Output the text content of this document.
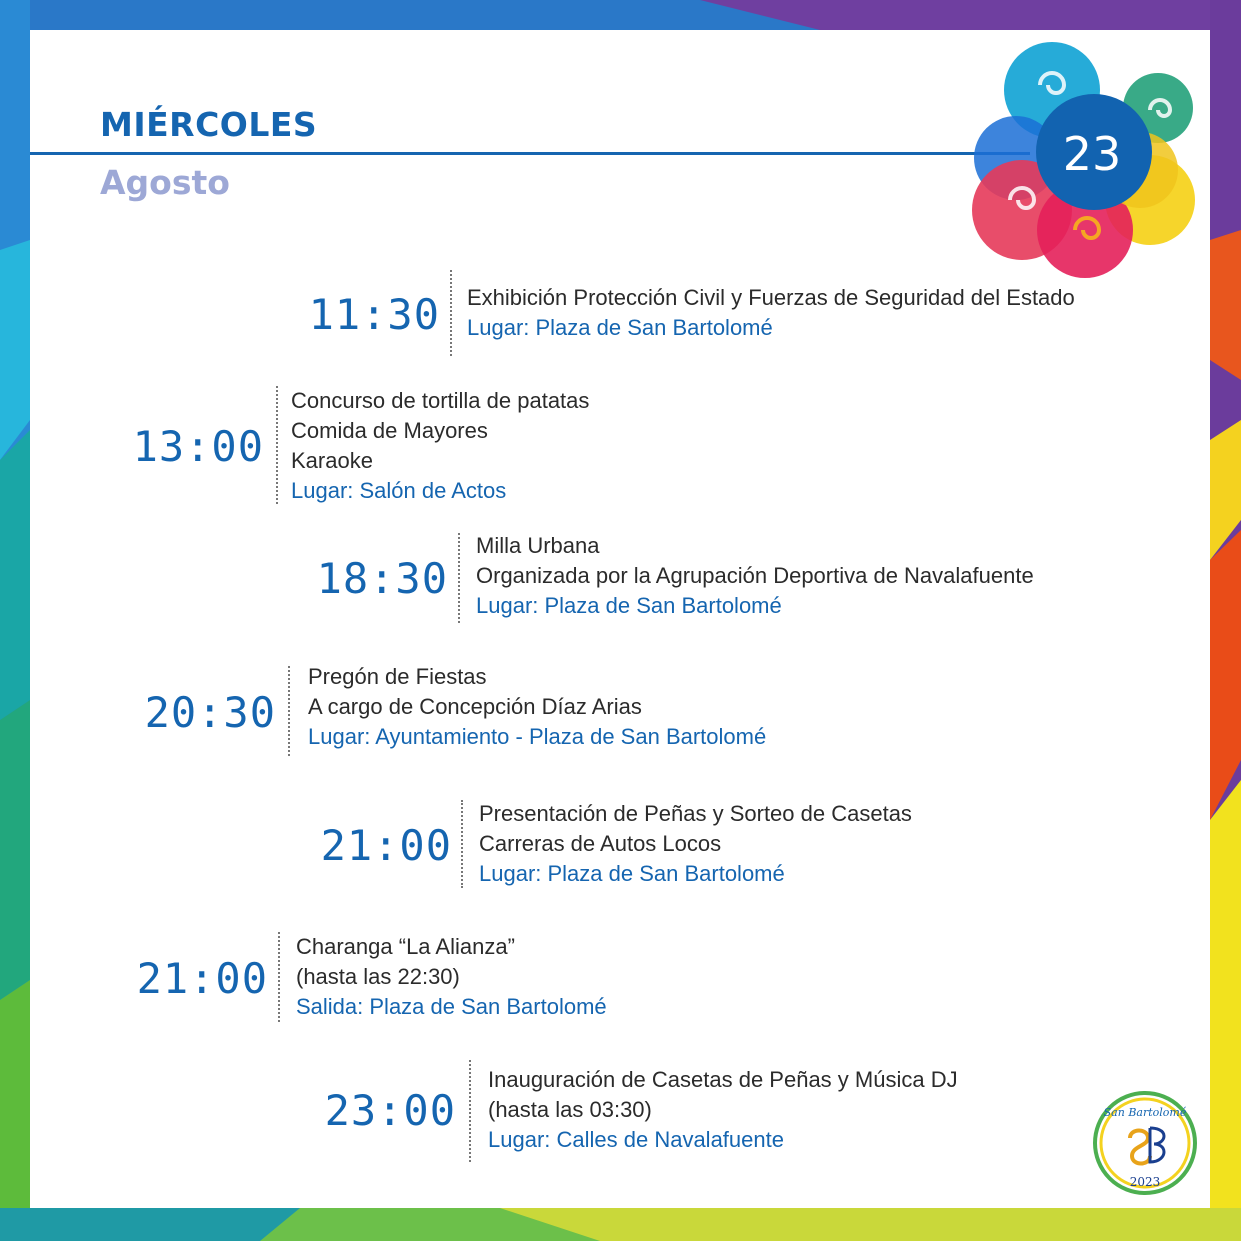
MIÉRCOLES
Agosto
23
11:30 Exhibición Protección Civil y Fuerzas de Seguridad del Estado
Lugar: Plaza de San Bartolomé
13:00
Concurso de tortilla de patatas
Comida de Mayores
Karaoke
Lugar: Salón de Actos
18:30
Milla Urbana
Organizada por la Agrupación Deportiva de Navalafuente
Lugar: Plaza de San Bartolomé
20:30
Pregón de Fiestas
A cargo de Concepción Díaz Arias
Lugar: Ayuntamiento - Plaza de San Bartolomé
21:00
Presentación de Peñas y Sorteo de Casetas
Carreras de Autos Locos
Lugar: Plaza de San Bartolomé
21:00
Charanga “La Alianza”
(hasta las 22:30)
Salida: Plaza de San Bartolomé
23:00
Inauguración de Casetas de Peñas y Música DJ
(hasta las 03:30)
Lugar: Calles de Navalafuente
San Bartolomé
2023
